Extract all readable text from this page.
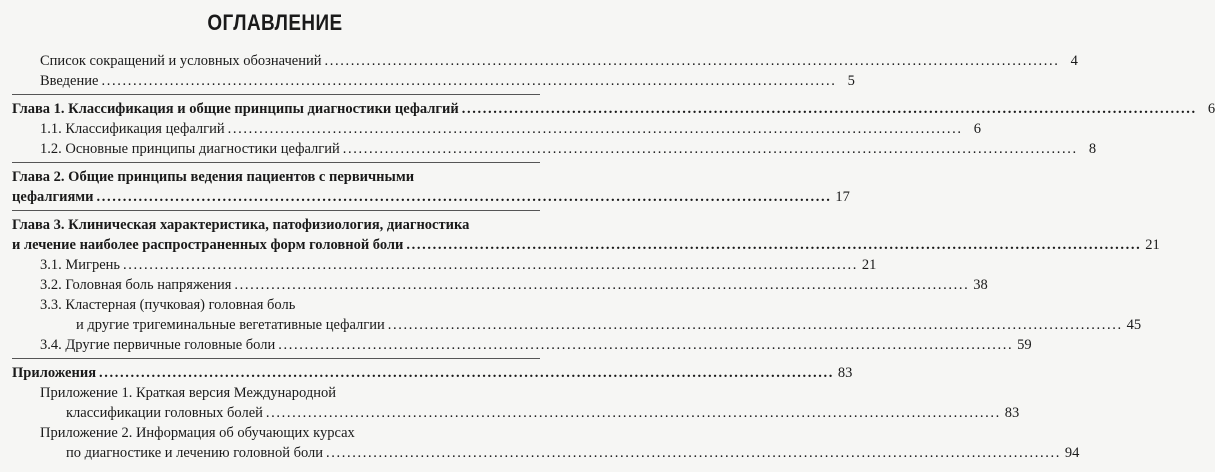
ОГЛАВЛЕНИЕ
Список сокращений и условных обозначений . . .	4
Введение . . .	5
Глава 1. Классификация и общие принципы диагностики цефалгий . . .	6
1.1. Классификация цефалгий . . .	6
1.2. Основные принципы диагностики цефалгий . . .	8
Глава 2. Общие принципы ведения пациентов с первичными
цефалгиями . . .	17
Глава 3. Клиническая характеристика, патофизиология, диагностика
и лечение наиболее распространенных форм головной боли . . .	21
3.1. Мигрень . . .	21
3.2. Головная боль напряжения . . .	38
3.3. Кластерная (пучковая) головная боль
и другие тригеминальные вегетативные цефалгии . . .	45
3.4. Другие первичные головные боли . . .	59
Приложения . . .	83
Приложение 1. Краткая версия Международной
классификации головных болей . . .	83
Приложение 2. Информация об обучающих курсах
по диагностике и лечению головной боли . . .	94
